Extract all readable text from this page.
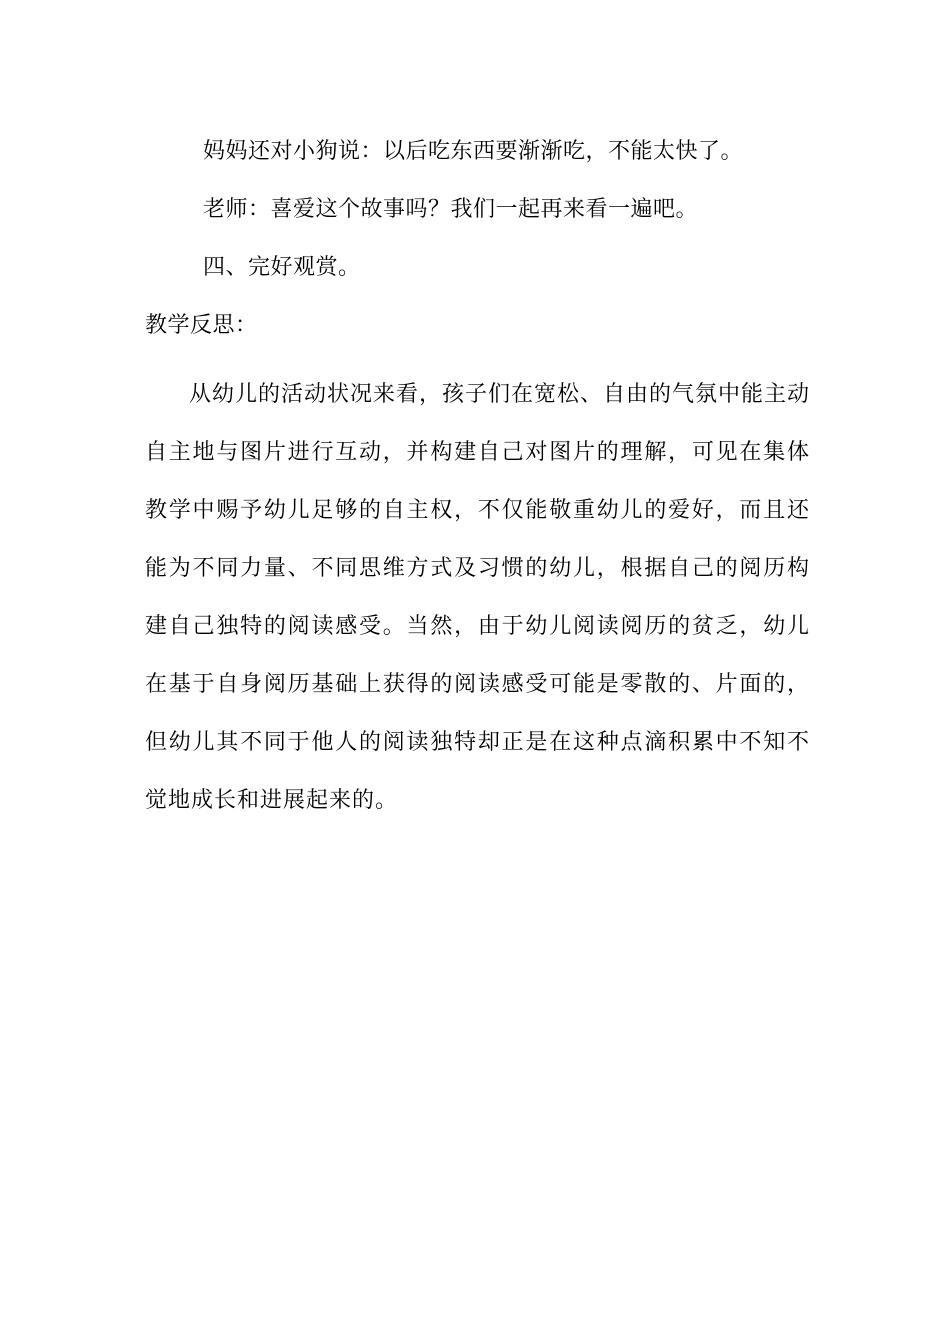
妈妈还对小狗说：以后吃东西要渐渐吃，不能太快了。
老师：喜爱这个故事吗？我们一起再来看一遍吧。
四、完好观赏。
教学反思：
从幼儿的活动状况来看，孩子们在宽松、自由的气氛中能主动自主地与图片进行互动，并构建自己对图片的理解，可见在集体教学中赐予幼儿足够的自主权，不仅能敬重幼儿的爱好，而且还能为不同力量、不同思维方式及习惯的幼儿，根据自己的阅历构建自己独特的阅读感受。当然，由于幼儿阅读阅历的贫乏，幼儿在基于自身阅历基础上获得的阅读感受可能是零散的、片面的，但幼儿其不同于他人的阅读独特却正是在这种点滴积累中不知不觉地成长和进展起来的。
